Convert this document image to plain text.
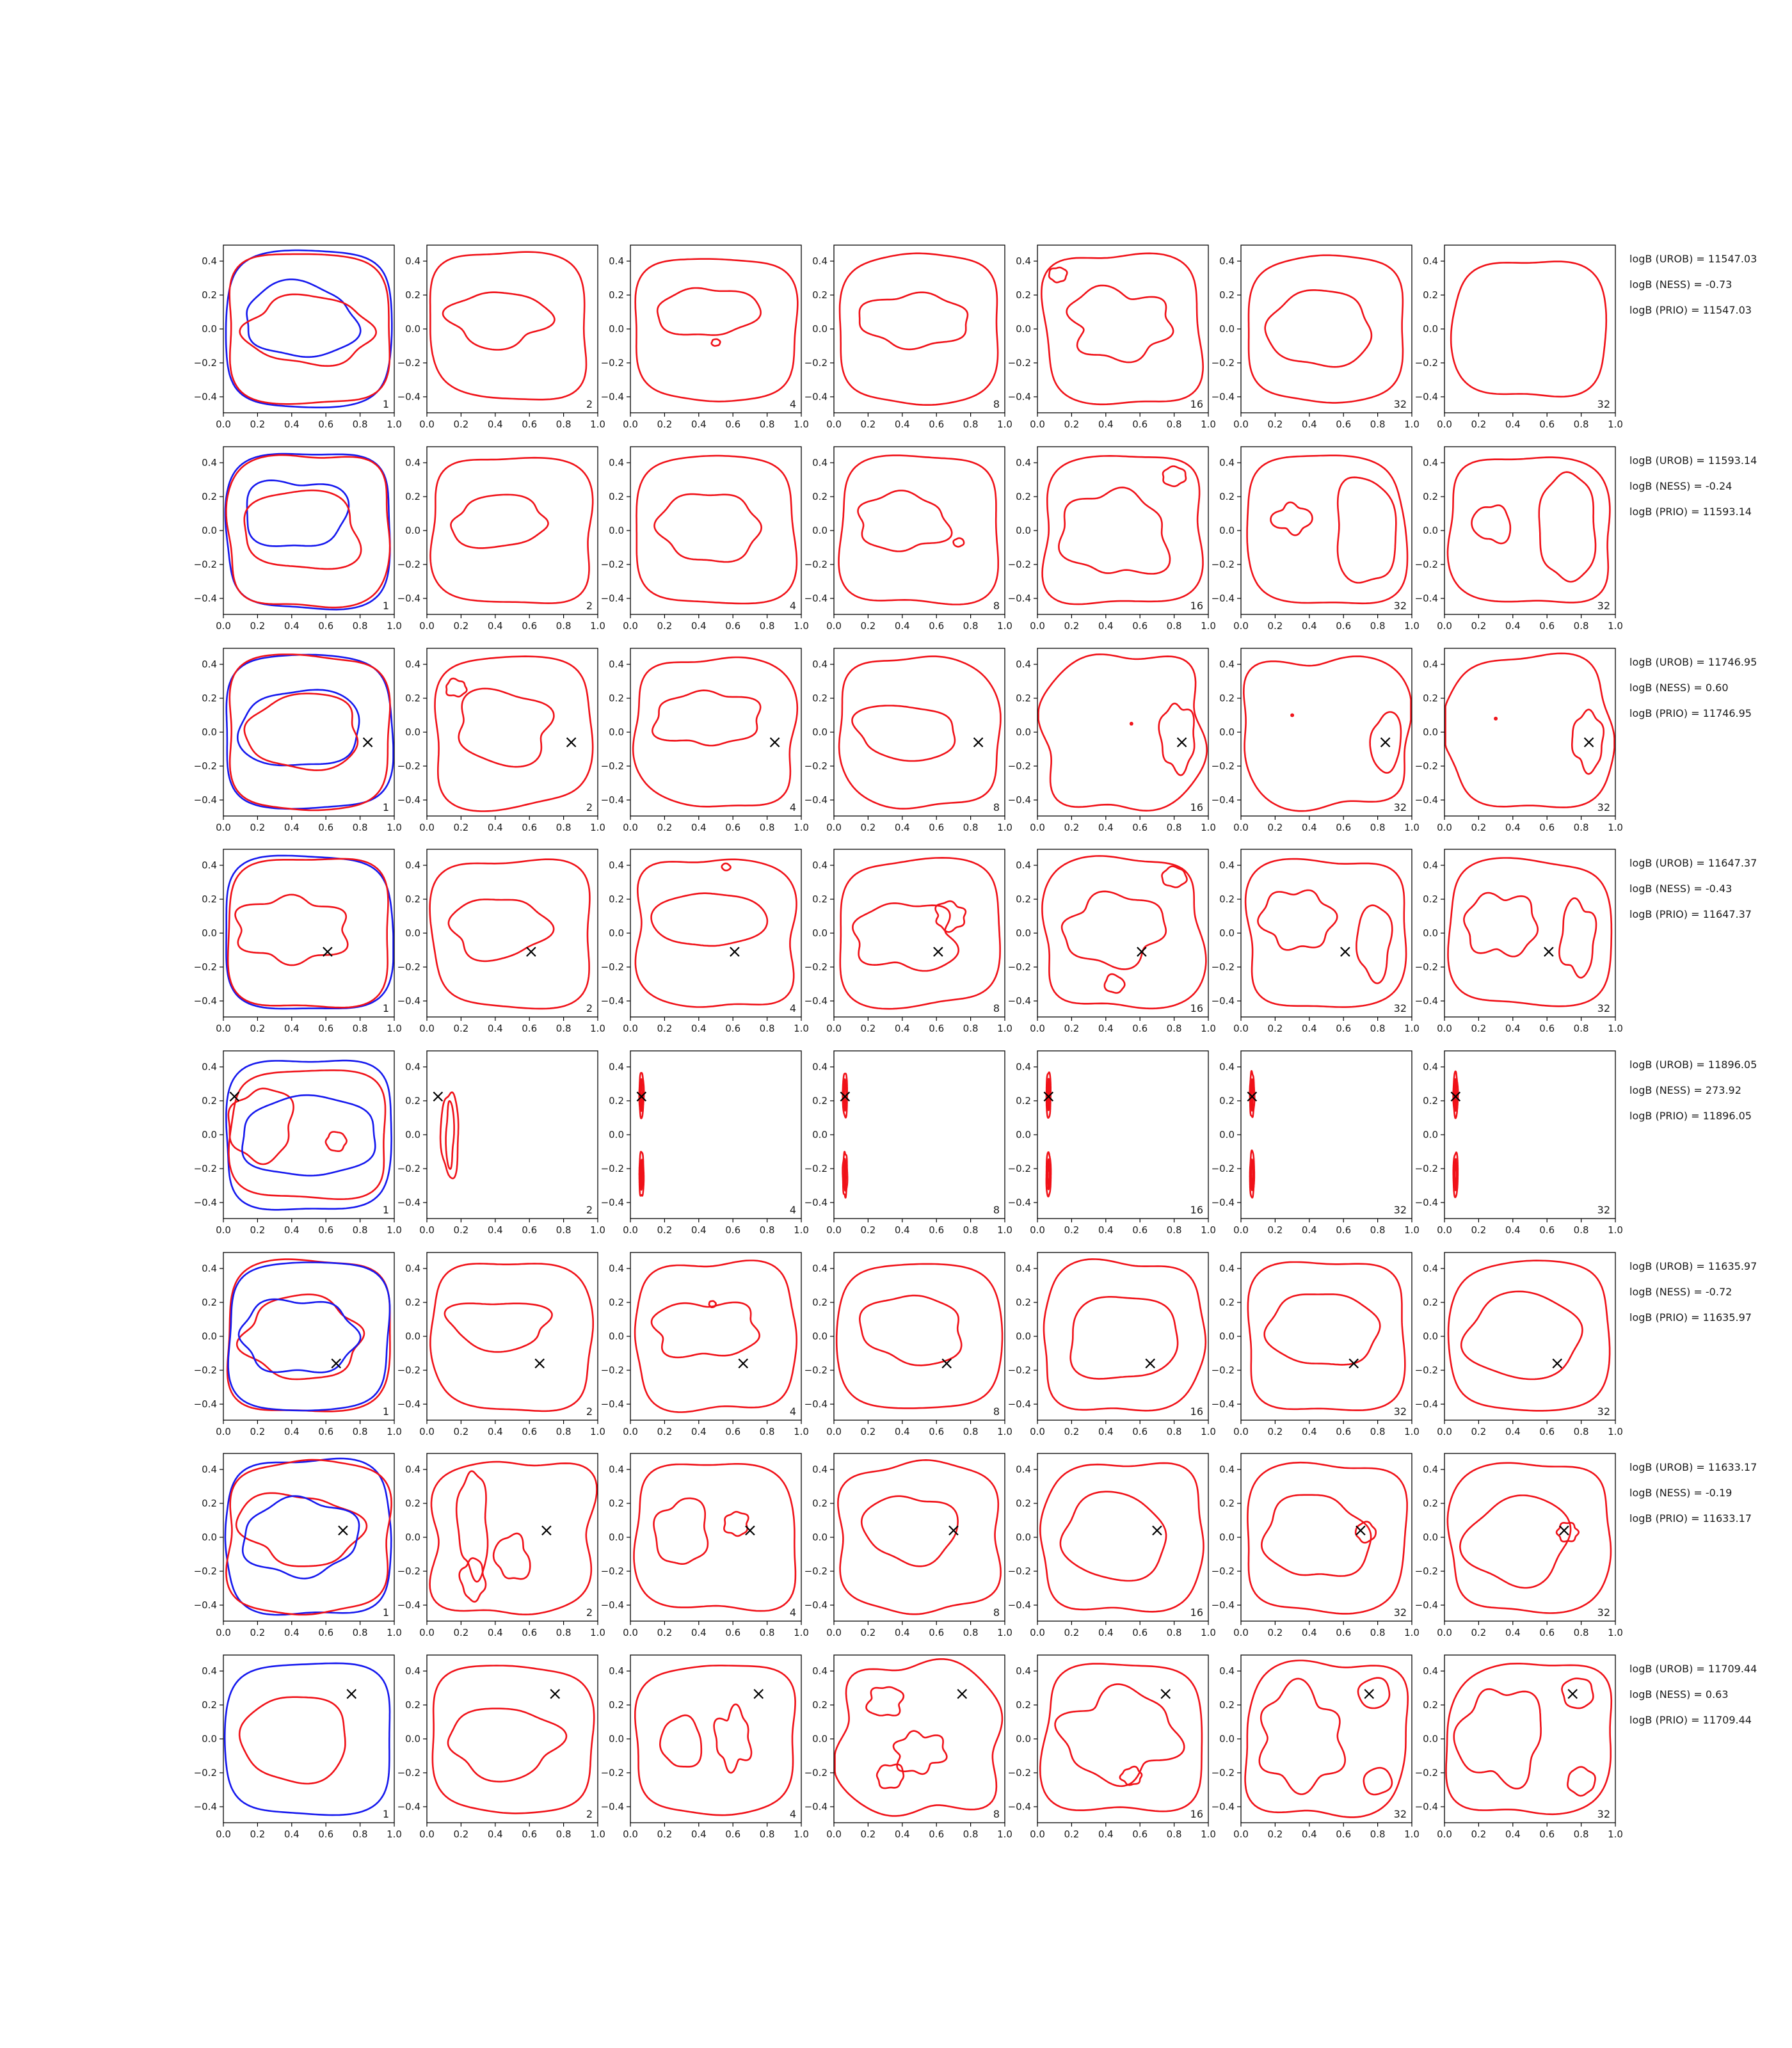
0.0 0.2 0.4 0.6 0.8 1.0
0.4
0.2
0.0
−0.2
−0.4
1
0.0 0.2 0.4 0.6 0.8 1.0
0.4
0.2
0.0
−0.2
−0.4
2
0.0 0.2 0.4 0.6 0.8 1.0
0.4
0.2
0.0
−0.2
−0.4
4
0.0 0.2 0.4 0.6 0.8 1.0
0.4
0.2
0.0
−0.2
−0.4
8
0.0 0.2 0.4 0.6 0.8 1.0
0.4
0.2
0.0
−0.2
−0.4
16
0.0 0.2 0.4 0.6 0.8 1.0
0.4
0.2
0.0
−0.2
−0.4
32
0.0 0.2 0.4 0.6 0.8 1.0
0.4
0.2
0.0
−0.2
−0.4
32
0.0 0.2 0.4 0.6 0.8 1.0
0.4
0.2
0.0
−0.2
−0.4
1
0.0 0.2 0.4 0.6 0.8 1.0
0.4
0.2
0.0
−0.2
−0.4
2
0.0 0.2 0.4 0.6 0.8 1.0
0.4
0.2
0.0
−0.2
−0.4
4
0.0 0.2 0.4 0.6 0.8 1.0
0.4
0.2
0.0
−0.2
−0.4
8
0.0 0.2 0.4 0.6 0.8 1.0
0.4
0.2
0.0
−0.2
−0.4
16
0.0 0.2 0.4 0.6 0.8 1.0
0.4
0.2
0.0
−0.2
−0.4
32
0.0 0.2 0.4 0.6 0.8 1.0
0.4
0.2
0.0
−0.2
−0.4
32
0.0 0.2 0.4 0.6 0.8 1.0
0.4
0.2
0.0
−0.2
−0.4
1
0.0 0.2 0.4 0.6 0.8 1.0
0.4
0.2
0.0
−0.2
−0.4
2
0.0 0.2 0.4 0.6 0.8 1.0
0.4
0.2
0.0
−0.2
−0.4
4
0.0 0.2 0.4 0.6 0.8 1.0
0.4
0.2
0.0
−0.2
−0.4
8
0.0 0.2 0.4 0.6 0.8 1.0
0.4
0.2
0.0
−0.2
−0.4
16
0.0 0.2 0.4 0.6 0.8 1.0
0.4
0.2
0.0
−0.2
−0.4
32
0.0 0.2 0.4 0.6 0.8 1.0
0.4
0.2
0.0
−0.2
−0.4
32
0.0 0.2 0.4 0.6 0.8 1.0
0.4
0.2
0.0
−0.2
−0.4
1
0.0 0.2 0.4 0.6 0.8 1.0
0.4
0.2
0.0
−0.2
−0.4
2
0.0 0.2 0.4 0.6 0.8 1.0
0.4
0.2
0.0
−0.2
−0.4
4
0.0 0.2 0.4 0.6 0.8 1.0
0.4
0.2
0.0
−0.2
−0.4
8
0.0 0.2 0.4 0.6 0.8 1.0
0.4
0.2
0.0
−0.2
−0.4
16
0.0 0.2 0.4 0.6 0.8 1.0
0.4
0.2
0.0
−0.2
−0.4
32
0.0 0.2 0.4 0.6 0.8 1.0
0.4
0.2
0.0
−0.2
−0.4
32
0.0 0.2 0.4 0.6 0.8 1.0
0.4
0.2
0.0
−0.2
−0.4
1
0.0 0.2 0.4 0.6 0.8 1.0
0.4
0.2
0.0
−0.2
−0.4
2
0.0 0.2 0.4 0.6 0.8 1.0
0.4
0.2
0.0
−0.2
−0.4
4
0.0 0.2 0.4 0.6 0.8 1.0
0.4
0.2
0.0
−0.2
−0.4
8
0.0 0.2 0.4 0.6 0.8 1.0
0.4
0.2
0.0
−0.2
−0.4
16
0.0 0.2 0.4 0.6 0.8 1.0
0.4
0.2
0.0
−0.2
−0.4
32
0.0 0.2 0.4 0.6 0.8 1.0
0.4
0.2
0.0
−0.2
−0.4
32
0.0 0.2 0.4 0.6 0.8 1.0
0.4
0.2
0.0
−0.2
−0.4
1
0.0 0.2 0.4 0.6 0.8 1.0
0.4
0.2
0.0
−0.2
−0.4
2
0.0 0.2 0.4 0.6 0.8 1.0
0.4
0.2
0.0
−0.2
−0.4
4
0.0 0.2 0.4 0.6 0.8 1.0
0.4
0.2
0.0
−0.2
−0.4
8
0.0 0.2 0.4 0.6 0.8 1.0
0.4
0.2
0.0
−0.2
−0.4
16
0.0 0.2 0.4 0.6 0.8 1.0
0.4
0.2
0.0
−0.2
−0.4
32
0.0 0.2 0.4 0.6 0.8 1.0
0.4
0.2
0.0
−0.2
−0.4
32
0.0 0.2 0.4 0.6 0.8 1.0
0.4
0.2
0.0
−0.2
−0.4
1
0.0 0.2 0.4 0.6 0.8 1.0
0.4
0.2
0.0
−0.2
−0.4
2
0.0 0.2 0.4 0.6 0.8 1.0
0.4
0.2
0.0
−0.2
−0.4
4
0.0 0.2 0.4 0.6 0.8 1.0
0.4
0.2
0.0
−0.2
−0.4
8
0.0 0.2 0.4 0.6 0.8 1.0
0.4
0.2
0.0
−0.2
−0.4
16
0.0 0.2 0.4 0.6 0.8 1.0
0.4
0.2
0.0
−0.2
−0.4
32
0.0 0.2 0.4 0.6 0.8 1.0
0.4
0.2
0.0
−0.2
−0.4
32
0.0 0.2 0.4 0.6 0.8 1.0
0.4
0.2
0.0
−0.2
−0.4
1
0.0 0.2 0.4 0.6 0.8 1.0
0.4
0.2
0.0
−0.2
−0.4
2
0.0 0.2 0.4 0.6 0.8 1.0
0.4
0.2
0.0
−0.2
−0.4
4
0.0 0.2 0.4 0.6 0.8 1.0
0.4
0.2
0.0
−0.2
−0.4
8
0.0 0.2 0.4 0.6 0.8 1.0
0.4
0.2
0.0
−0.2
−0.4
16
0.0 0.2 0.4 0.6 0.8 1.0
0.4
0.2
0.0
−0.2
−0.4
32
0.0 0.2 0.4 0.6 0.8 1.0
0.4
0.2
0.0
−0.2
−0.4
32
logB (UROB) = 11547.03
logB (NESS) = -0.73
logB (PRIO) = 11547.03
logB (UROB) = 11593.14
logB (NESS) = -0.24
logB (PRIO) = 11593.14
logB (UROB) = 11746.95
logB (NESS) = 0.60
logB (PRIO) = 11746.95
logB (UROB) = 11647.37
logB (NESS) = -0.43
logB (PRIO) = 11647.37
logB (UROB) = 11896.05
logB (NESS) = 273.92
logB (PRIO) = 11896.05
logB (UROB) = 11635.97
logB (NESS) = -0.72
logB (PRIO) = 11635.97
logB (UROB) = 11633.17
logB (NESS) = -0.19
logB (PRIO) = 11633.17
logB (UROB) = 11709.44
logB (NESS) = 0.63
logB (PRIO) = 11709.44
